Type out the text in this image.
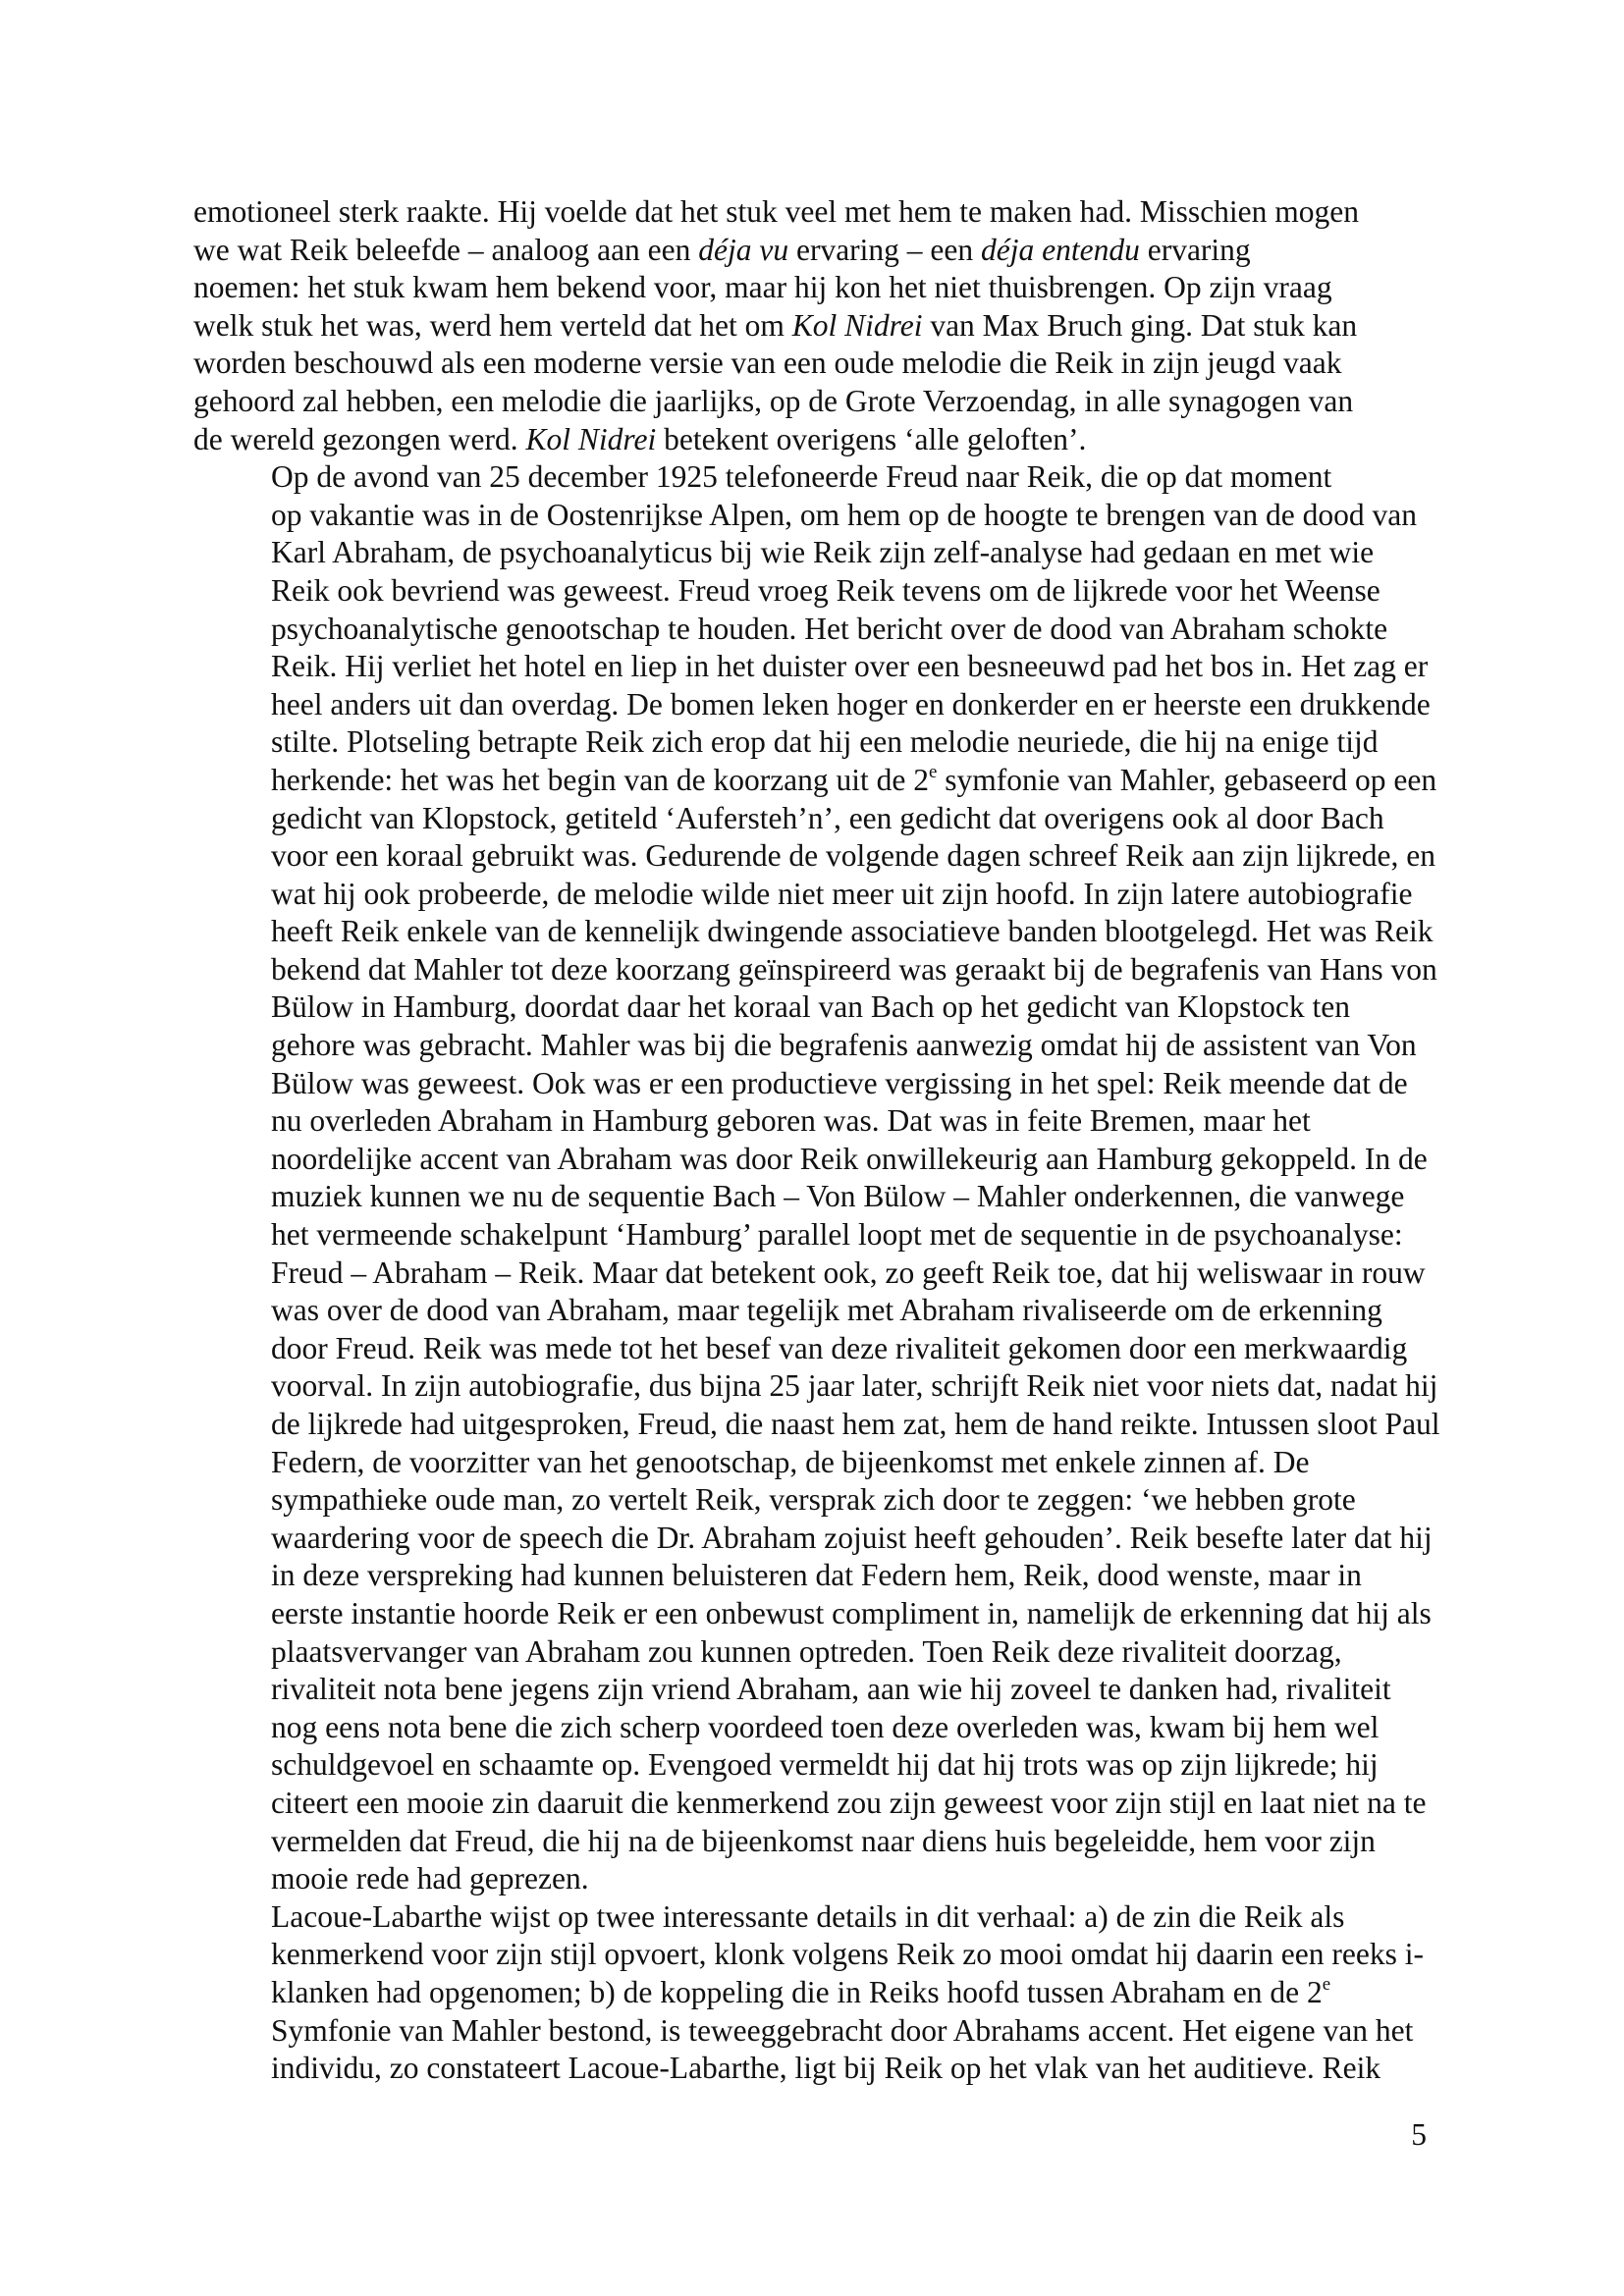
emotioneel sterk raakte. Hij voelde dat het stuk veel met hem te maken had. Misschien mogen
we wat Reik beleefde – analoog aan een déja vu ervaring – een déja entendu ervaring
noemen: het stuk kwam hem bekend voor, maar hij kon het niet thuisbrengen. Op zijn vraag
welk stuk het was, werd hem verteld dat het om Kol Nidrei van Max Bruch ging. Dat stuk kan
worden beschouwd als een moderne versie van een oude melodie die Reik in zijn jeugd vaak
gehoord zal hebben, een melodie die jaarlijks, op de Grote Verzoendag, in alle synagogen van
de wereld gezongen werd. Kol Nidrei betekent overigens ‘alle geloften’.

Op de avond van 25 december 1925 telefoneerde Freud naar Reik, die op dat moment
op vakantie was in de Oostenrijkse Alpen, om hem op de hoogte te brengen van de dood van
Karl Abraham, de psychoanalyticus bij wie Reik zijn zelf-analyse had gedaan en met wie
Reik ook bevriend was geweest. Freud vroeg Reik tevens om de lijkrede voor het Weense
psychoanalytische genootschap te houden. Het bericht over de dood van Abraham schokte
Reik. Hij verliet het hotel en liep in het duister over een besneeuwd pad het bos in. Het zag er
heel anders uit dan overdag. De bomen leken hoger en donkerder en er heerste een drukkende
stilte. Plotseling betrapte Reik zich erop dat hij een melodie neuriede, die hij na enige tijd
herkende: het was het begin van de koorzang uit de 2e symfonie van Mahler, gebaseerd op een
gedicht van Klopstock, getiteld ‘Aufersteh’n’, een gedicht dat overigens ook al door Bach
voor een koraal gebruikt was. Gedurende de volgende dagen schreef Reik aan zijn lijkrede, en
wat hij ook probeerde, de melodie wilde niet meer uit zijn hoofd. In zijn latere autobiografie
heeft Reik enkele van de kennelijk dwingende associatieve banden blootgelegd. Het was Reik
bekend dat Mahler tot deze koorzang geïnspireerd was geraakt bij de begrafenis van Hans von
Bülow in Hamburg, doordat daar het koraal van Bach op het gedicht van Klopstock ten
gehore was gebracht. Mahler was bij die begrafenis aanwezig omdat hij de assistent van Von
Bülow was geweest. Ook was er een productieve vergissing in het spel: Reik meende dat de
nu overleden Abraham in Hamburg geboren was. Dat was in feite Bremen, maar het
noordelijke accent van Abraham was door Reik onwillekeurig aan Hamburg gekoppeld. In de
muziek kunnen we nu de sequentie Bach – Von Bülow – Mahler onderkennen, die vanwege
het vermeende schakelpunt ‘Hamburg’ parallel loopt met de sequentie in de psychoanalyse:
Freud – Abraham – Reik. Maar dat betekent ook, zo geeft Reik toe, dat hij weliswaar in rouw
was over de dood van Abraham, maar tegelijk met Abraham rivaliseerde om de erkenning
door Freud. Reik was mede tot het besef van deze rivaliteit gekomen door een merkwaardig
voorval. In zijn autobiografie, dus bijna 25 jaar later, schrijft Reik niet voor niets dat, nadat hij
de lijkrede had uitgesproken, Freud, die naast hem zat, hem de hand reikte. Intussen sloot Paul
Federn, de voorzitter van het genootschap, de bijeenkomst met enkele zinnen af. De
sympathieke oude man, zo vertelt Reik, versprak zich door te zeggen: ‘we hebben grote
waardering voor de speech die Dr. Abraham zojuist heeft gehouden’. Reik besefte later dat hij
in deze verspreking had kunnen beluisteren dat Federn hem, Reik, dood wenste, maar in
eerste instantie hoorde Reik er een onbewust compliment in, namelijk de erkenning dat hij als
plaatsvervanger van Abraham zou kunnen optreden. Toen Reik deze rivaliteit doorzag,
rivaliteit nota bene jegens zijn vriend Abraham, aan wie hij zoveel te danken had, rivaliteit
nog eens nota bene die zich scherp voordeed toen deze overleden was, kwam bij hem wel
schuldgevoel en schaamte op. Evengoed vermeldt hij dat hij trots was op zijn lijkrede; hij
citeert een mooie zin daaruit die kenmerkend zou zijn geweest voor zijn stijl en laat niet na te
vermelden dat Freud, die hij na de bijeenkomst naar diens huis begeleidde, hem voor zijn
mooie rede had geprezen.

Lacoue-Labarthe wijst op twee interessante details in dit verhaal: a) de zin die Reik als
kenmerkend voor zijn stijl opvoert, klonk volgens Reik zo mooi omdat hij daarin een reeks i-
klanken had opgenomen; b) de koppeling die in Reiks hoofd tussen Abraham en de 2e
Symfonie van Mahler bestond, is teweeggebracht door Abrahams accent. Het eigene van het
individu, zo constateert Lacoue-Labarthe, ligt bij Reik op het vlak van het auditieve. Reik

5
